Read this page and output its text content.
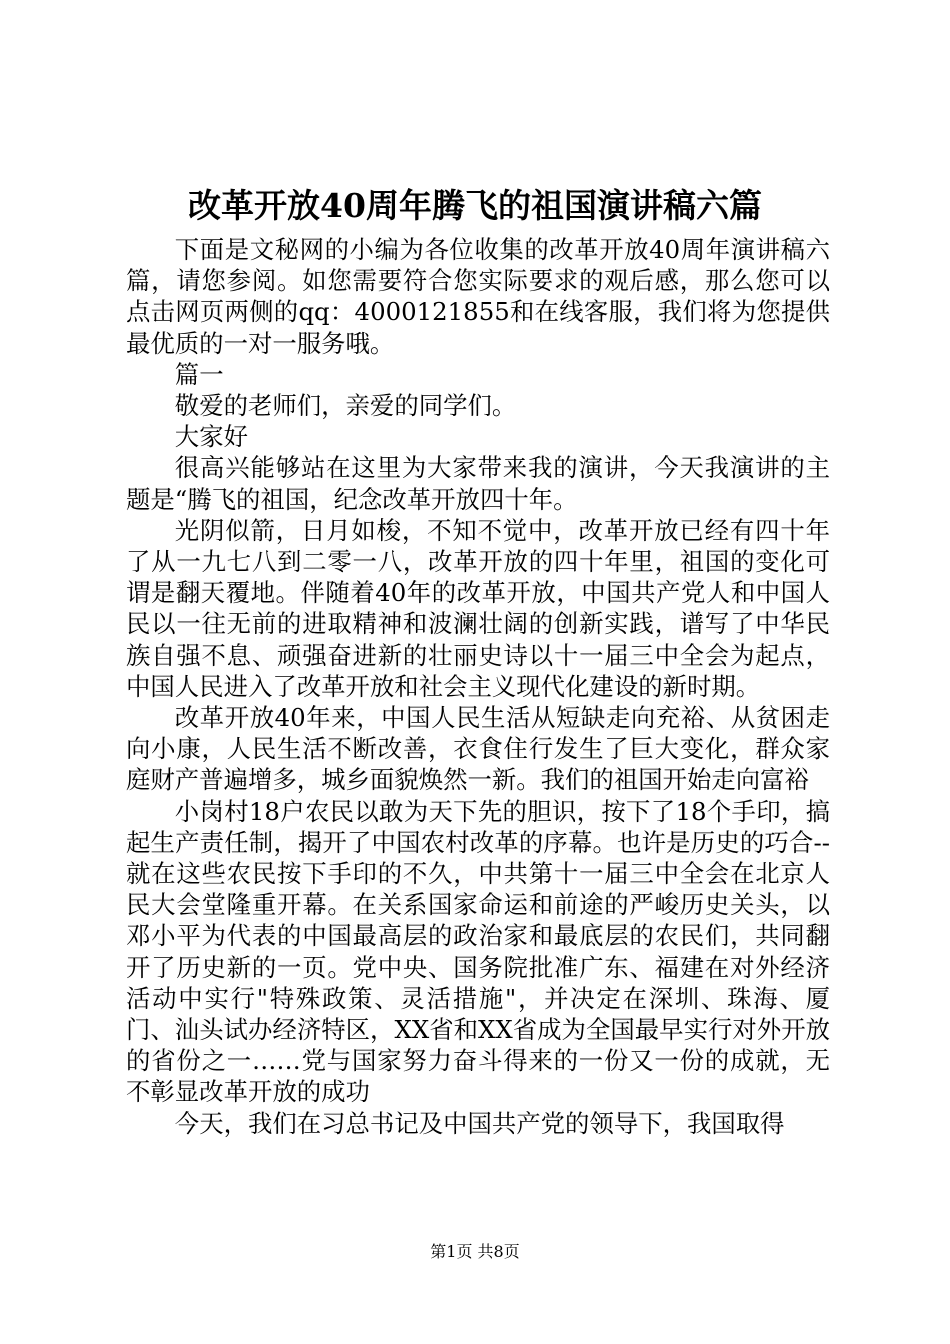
改革开放40周年腾飞的祖国演讲稿六篇

下面是文秘网的小编为各位收集的改革开放40周年演讲稿六篇，请您参阅。如您需要符合您实际要求的观后感，那么您可以点击网页两侧的qq：4000121855和在线客服，我们将为您提供最优质的一对一服务哦。

篇一

敬爱的老师们，亲爱的同学们。

大家好

很高兴能够站在这里为大家带来我的演讲，今天我演讲的主题是“腾飞的祖国，纪念改革开放四十年。

光阴似箭，日月如梭，不知不觉中，改革开放已经有四十年了从一九七八到二零一八，改革开放的四十年里，祖国的变化可谓是翻天覆地。伴随着40年的改革开放，中国共产党人和中国人民以一往无前的进取精神和波澜壮阔的创新实践，谱写了中华民族自强不息、顽强奋进新的壮丽史诗以十一届三中全会为起点，中国人民进入了改革开放和社会主义现代化建设的新时期。

改革开放40年来，中国人民生活从短缺走向充裕、从贫困走向小康，人民生活不断改善，衣食住行发生了巨大变化，群众家庭财产普遍增多，城乡面貌焕然一新。我们的祖国开始走向富裕

小岗村18户农民以敢为天下先的胆识，按下了18个手印，搞起生产责任制，揭开了中国农村改革的序幕。也许是历史的巧合--就在这些农民按下手印的不久，中共第十一届三中全会在北京人民大会堂隆重开幕。在关系国家命运和前途的严峻历史关头，以邓小平为代表的中国最高层的政治家和最底层的农民们，共同翻开了历史新的一页。党中央、国务院批准广东、福建在对外经济活动中实行"特殊政策、灵活措施"，并决定在深圳、珠海、厦门、汕头试办经济特区，XX省和XX省成为全国最早实行对外开放的省份之一……党与国家努力奋斗得来的一份又一份的成就，无不彰显改革开放的成功

今天，我们在习总书记及中国共产党的领导下，我国取得

第1页 共8页
